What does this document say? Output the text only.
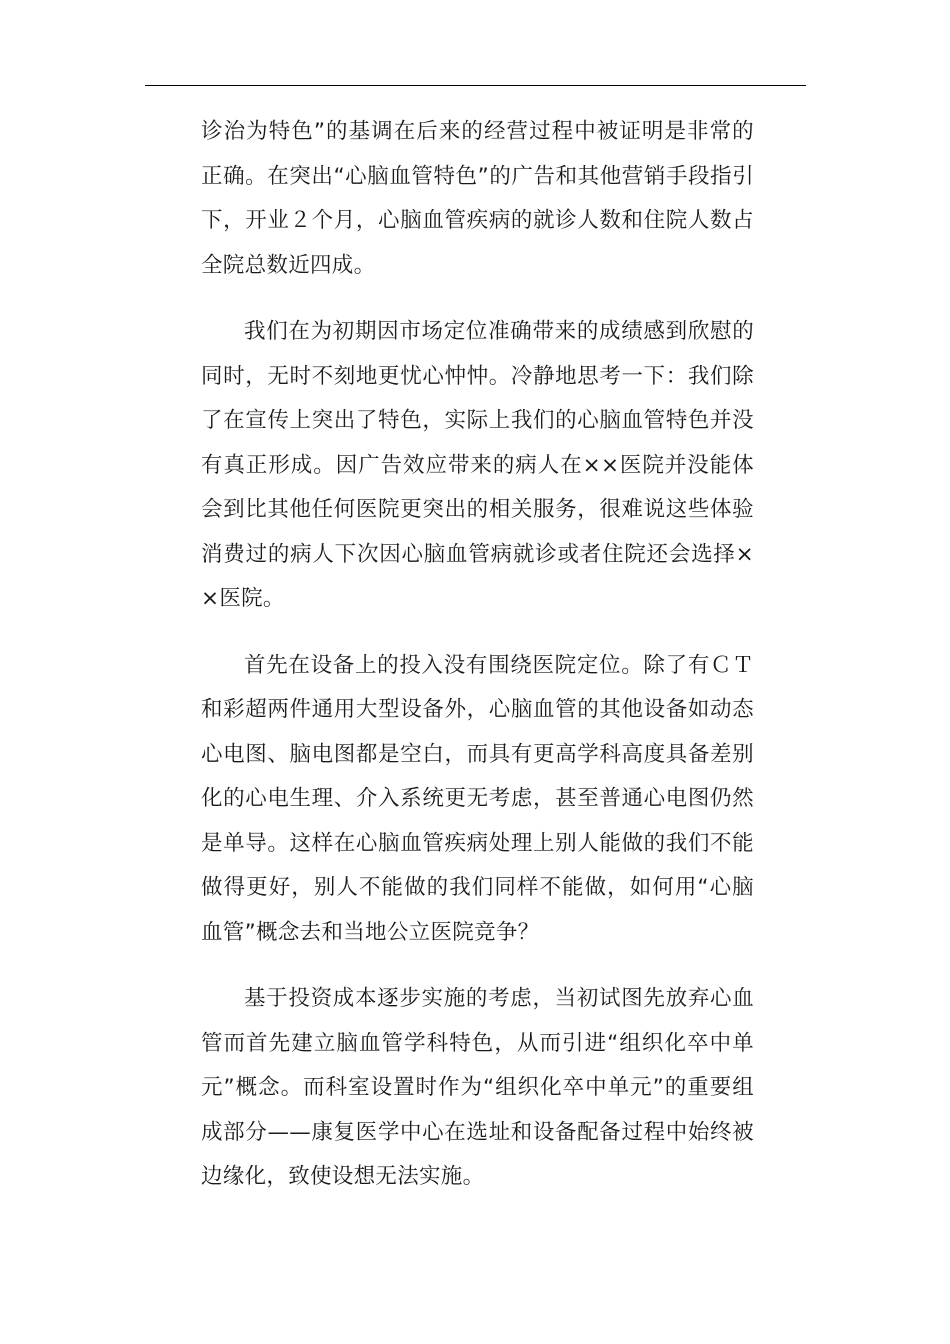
诊治为特色”的基调在后来的经营过程中被证明是非常的正确。在突出“心脑血管特色”的广告和其他营销手段指引下，开业２个月，心脑血管疾病的就诊人数和住院人数占全院总数近四成。

我们在为初期因市场定位准确带来的成绩感到欣慰的同时，无时不刻地更忧心忡忡。冷静地思考一下：我们除了在宣传上突出了特色，实际上我们的心脑血管特色并没有真正形成。因广告效应带来的病人在××医院并没能体会到比其他任何医院更突出的相关服务，很难说这些体验消费过的病人下次因心脑血管病就诊或者住院还会选择××医院。

首先在设备上的投入没有围绕医院定位。除了有ＣＴ和彩超两件通用大型设备外，心脑血管的其他设备如动态心电图、脑电图都是空白，而具有更高学科高度具备差别化的心电生理、介入系统更无考虑，甚至普通心电图仍然是单导。这样在心脑血管疾病处理上别人能做的我们不能做得更好，别人不能做的我们同样不能做，如何用“心脑血管”概念去和当地公立医院竞争？

基于投资成本逐步实施的考虑，当初试图先放弃心血管而首先建立脑血管学科特色，从而引进“组织化卒中单元”概念。而科室设置时作为“组织化卒中单元”的重要组成部分——康复医学中心在选址和设备配备过程中始终被边缘化，致使设想无法实施。
